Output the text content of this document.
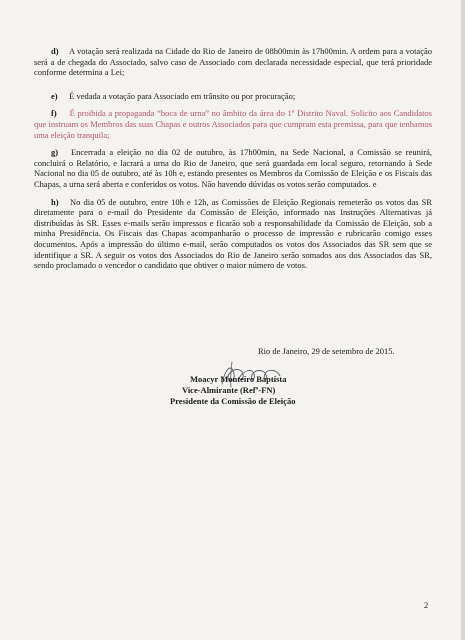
d) A votação será realizada na Cidade do Rio de Janeiro de 08h00min às 17h00min. A ordem para a votação será a de chegada do Associado, salvo caso de Associado com declarada necessidade especial, que terá prioridade conforme determina a Lei;

e) É vedada a votação para Associado em trânsito ou por procuração;

f) É proibida a propaganda “boca de urna” no âmbito da área do 1º Distrito Naval. Solicito aos Candidatos que instruam os Membros das suas Chapas e outros Associados para que cumpram esta premissa, para que tenhamos uma eleição tranquila;

g) Encerrada a eleição no dia 02 de outubro, às 17h00min, na Sede Nacional, a Comissão se reunirá, concluirá o Relatório, e lacrará a urna do Rio de Janeiro, que será guardada em local seguro, retornando à Sede Nacional no dia 05 de outubro, até às 10h e, estando presentes os Membros da Comissão de Eleição e os Fiscais das Chapas, a urna será aberta e conferidos os votos. Não havendo dúvidas os votos serão computados. e

h) No dia 05 de outubro, entre 10h e 12h, as Comissões de Eleição Regionais remeterão os votos das SR diretamente para o e-mail do Presidente da Comissão de Eleição, informado nas Instruções Alternativas já distribuídas às SR. Esses e-mails serão impressos e ficarão sob a responsabilidade da Comissão de Eleição, sob a minha Presidência. Os Fiscais das Chapas acompanharão o processo de impressão e rubricarão comigo esses documentos. Após a impressão do último e-mail, serão computados os votos dos Associados das SR sem que se identifique a SR. A seguir os votos dos Associados do Rio de Janeiro serão somados aos dos Associados das SR, sendo proclamado o vencedor o candidato que obtiver o maior número de votos.

Rio de Janeiro, 29 de setembro de 2015.
Moacyr Monteiro Baptista
Vice-Almirante (Refº-FN)
Presidente da Comissão de Eleição
2
